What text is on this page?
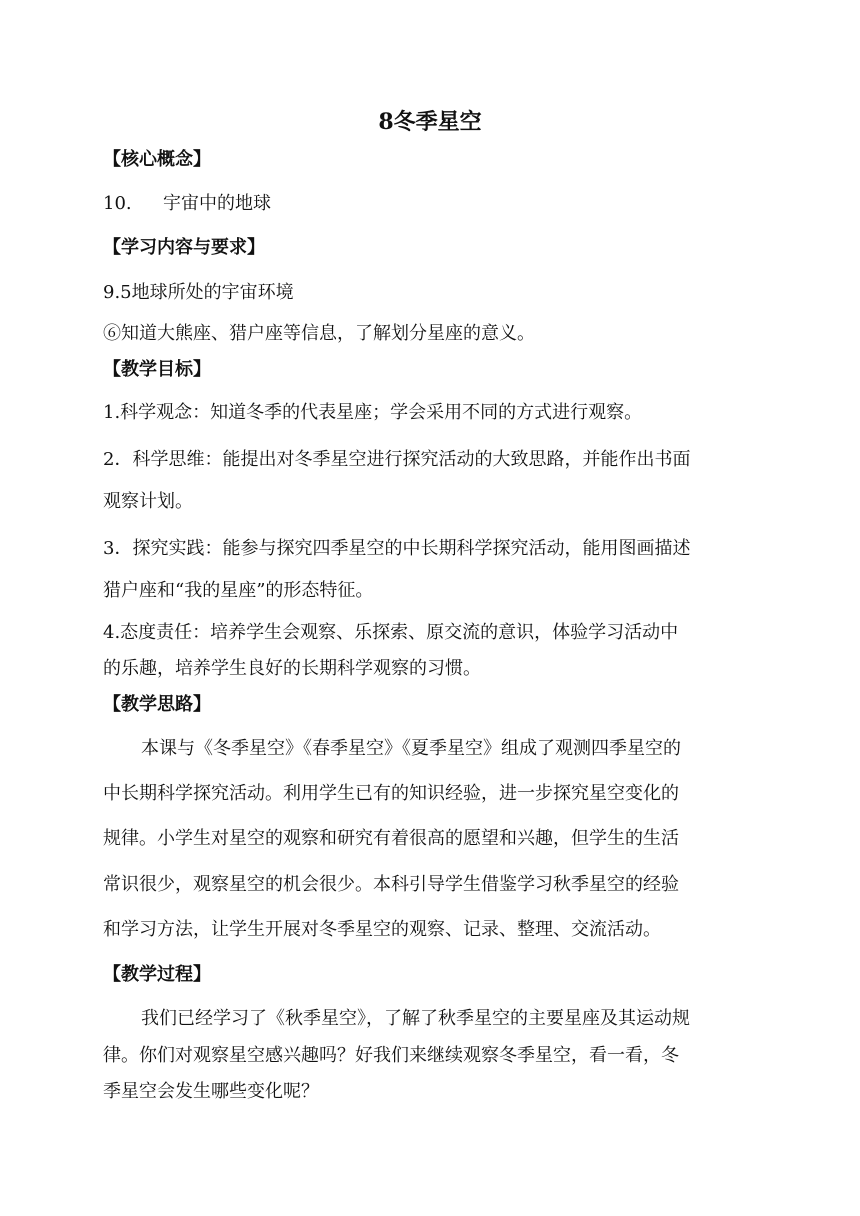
8冬季星空
【核心概念】
10. 宇宙中的地球
【学习内容与要求】
9.5地球所处的宇宙环境
⑥知道大熊座、猎户座等信息，了解划分星座的意义。
【教学目标】
1.科学观念：知道冬季的代表星座；学会采用不同的方式进行观察。
2．科学思维：能提出对冬季星空进行探究活动的大致思路，并能作出书面
观察计划。
3．探究实践：能参与探究四季星空的中长期科学探究活动，能用图画描述
猎户座和“我的星座”的形态特征。
4.态度责任：培养学生会观察、乐探索、原交流的意识，体验学习活动中
的乐趣，培养学生良好的长期科学观察的习惯。
【教学思路】
本课与《冬季星空》《春季星空》《夏季星空》组成了观测四季星空的
中长期科学探究活动。利用学生已有的知识经验，进一步探究星空变化的
规律。小学生对星空的观察和研究有着很高的愿望和兴趣，但学生的生活
常识很少，观察星空的机会很少。本科引导学生借鉴学习秋季星空的经验
和学习方法，让学生开展对冬季星空的观察、记录、整理、交流活动。
【教学过程】
我们已经学习了《秋季星空》，了解了秋季星空的主要星座及其运动规
律。你们对观察星空感兴趣吗？好我们来继续观察冬季星空，看一看，冬
季星空会发生哪些变化呢？
